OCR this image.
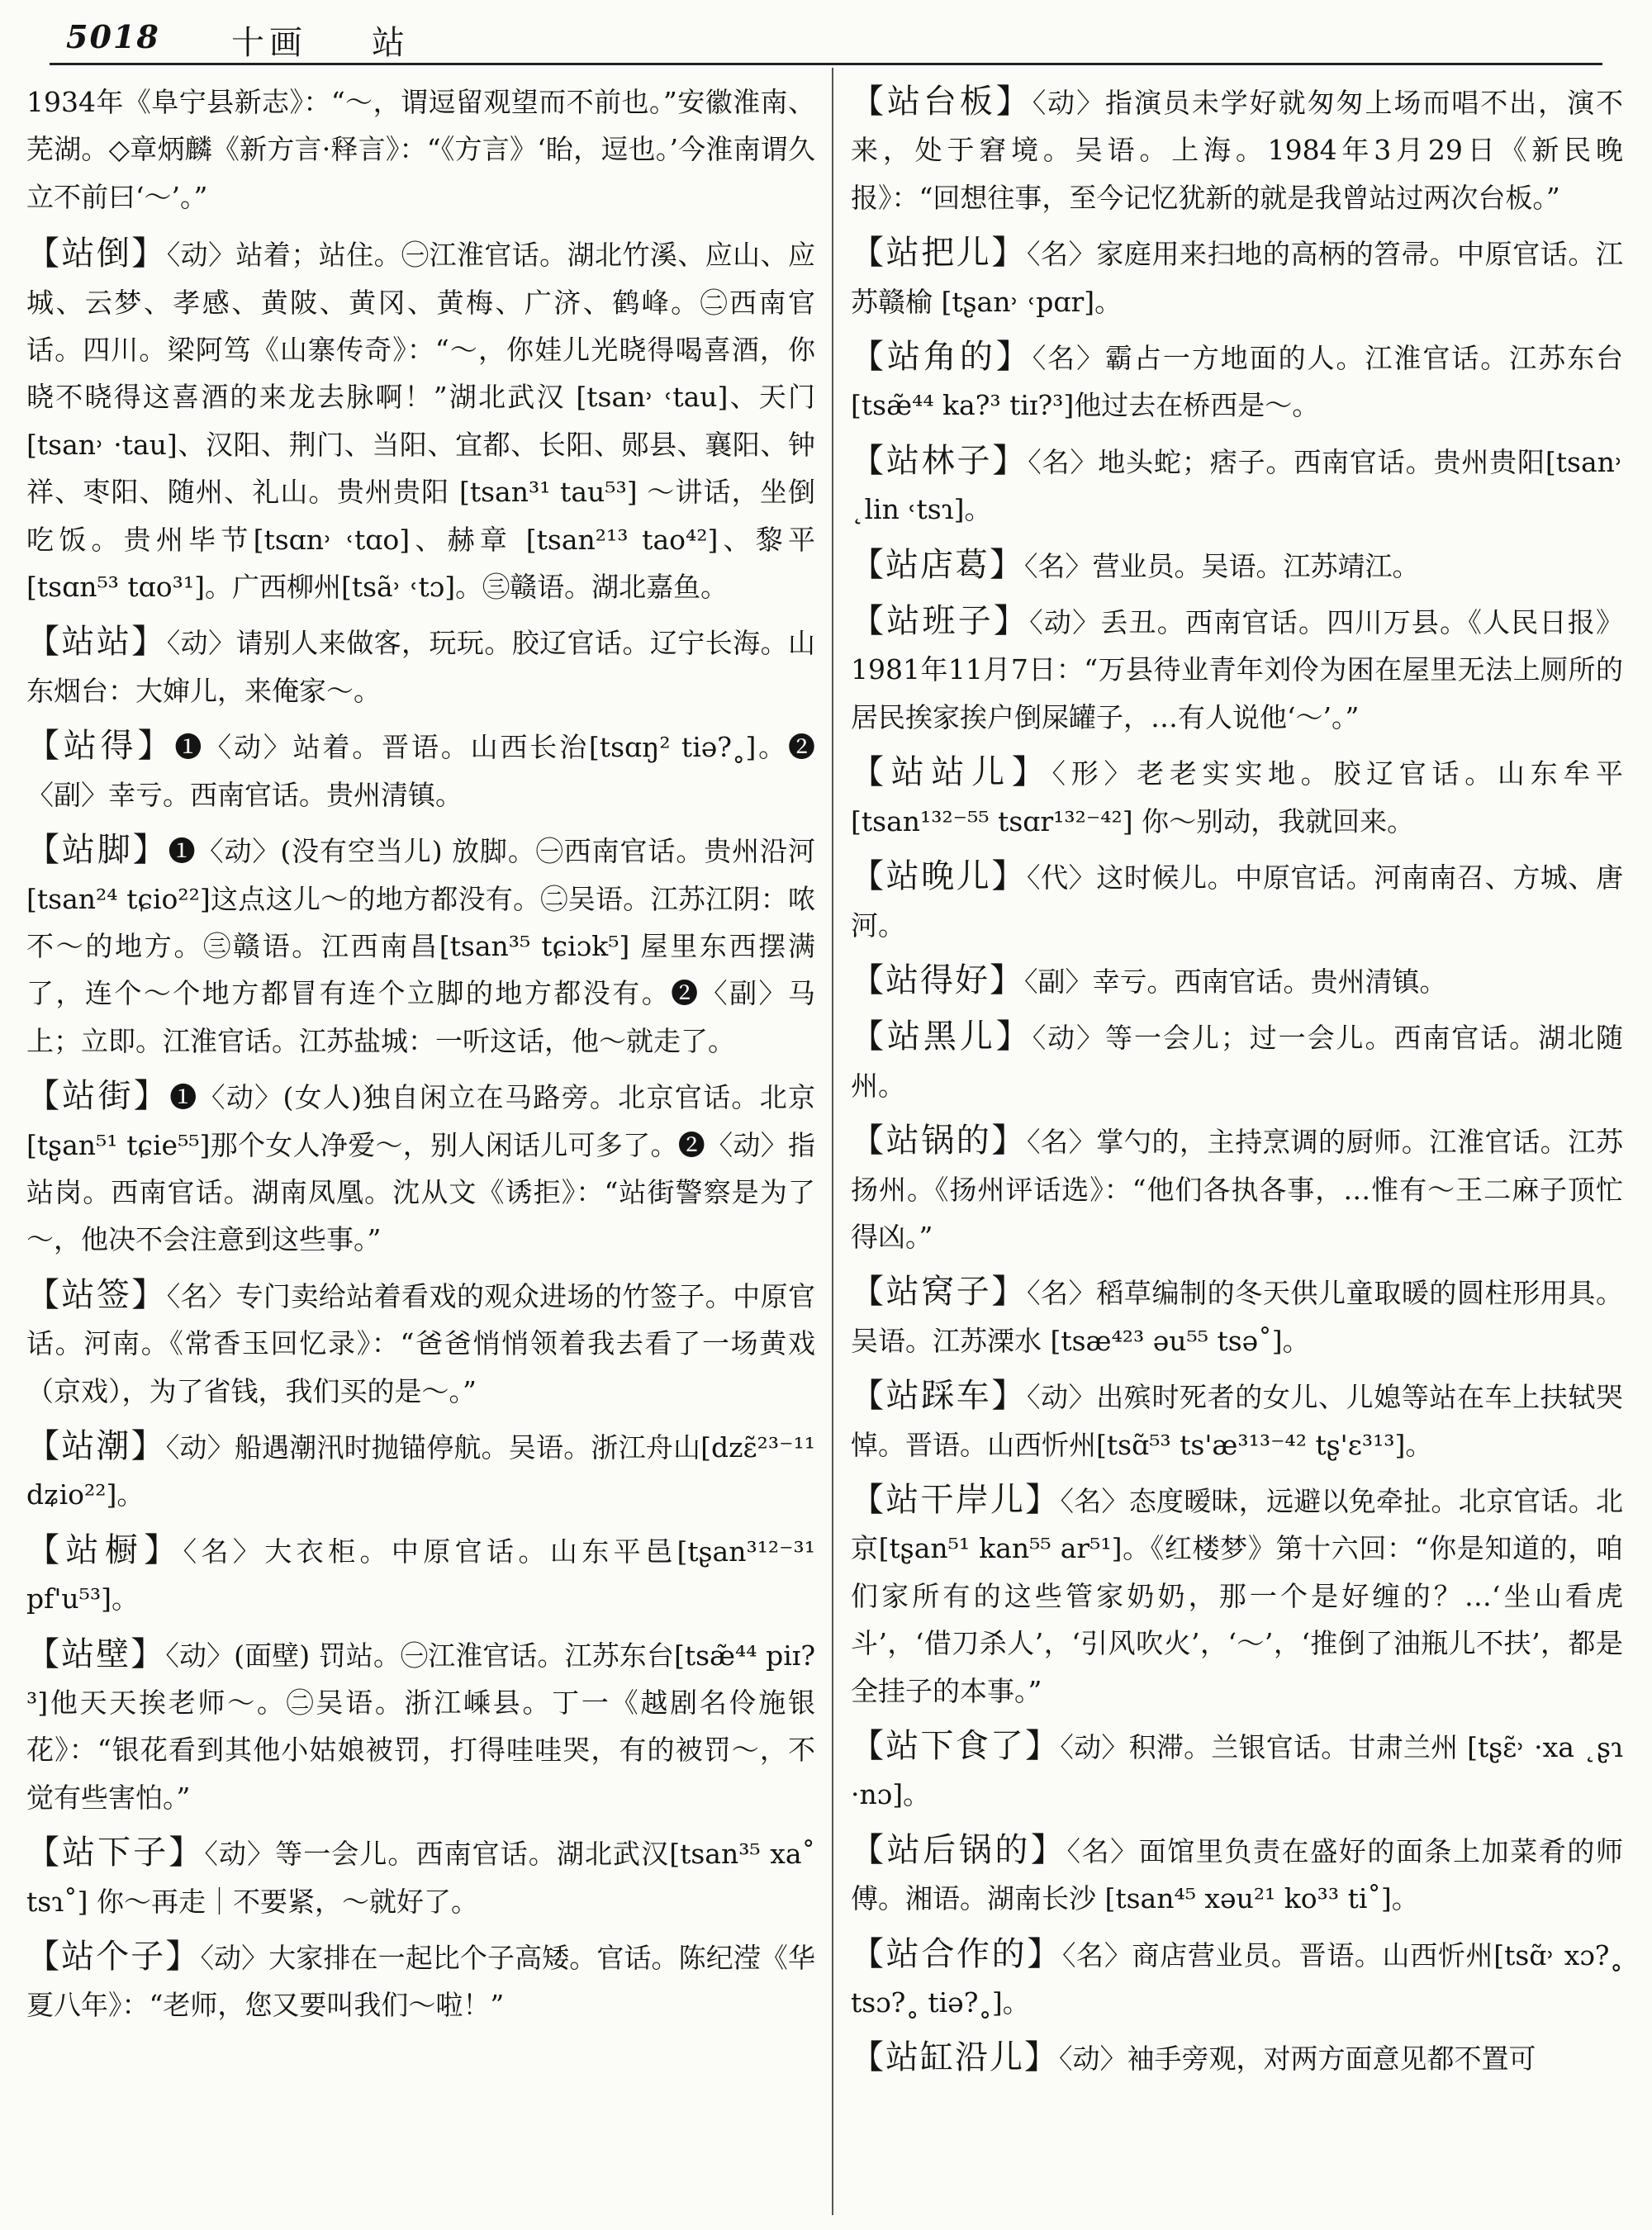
5018 十画 站

1934年《阜宁县新志》：“～，谓逗留观望而不前也。”安徽淮南、芜湖。◇章炳麟《新方言·释言》：“《方言》‘眙，逗也。’今淮南谓久立不前曰‘～’。”

【站倒】〈动〉站着；站住。㊀江淮官话。湖北竹溪、应山、应城、云梦、孝感、黄陂、黄冈、黄梅、广济、鹤峰。㊁西南官话。四川。梁阿笃《山寨传奇》：“～，你娃儿光晓得喝喜酒，你晓不晓得这喜酒的来龙去脉啊！”湖北武汉 [tsan˒ ˓tau]、天门 [tsan˒ ·tau]、汉阳、荆门、当阳、宜都、长阳、郧县、襄阳、钟祥、枣阳、随州、礼山。贵州贵阳 [tsan³¹ tau⁵³] ～讲话，坐倒吃饭。贵州毕节[tsɑn˒ ˓tɑo]、赫章 [tsan²¹³ tao⁴²]、黎平 [tsɑn⁵³ tɑo³¹]。广西柳州[tsã˒ ˓tɔ]。㊂赣语。湖北嘉鱼。

【站站】〈动〉请别人来做客，玩玩。胶辽官话。辽宁长海。山东烟台：大婶儿，来俺家～。

【站得】❶〈动〉站着。晋语。山西长治[tsɑŋ² tiə?˳]。❷〈副〉幸亏。西南官话。贵州清镇。

【站脚】❶〈动〉(没有空当儿) 放脚。㊀西南官话。贵州沿河[tsan²⁴ tɕio²²]这点这儿～的地方都没有。㊁吴语。江苏江阴：哝不～的地方。㊂赣语。江西南昌[tsan³⁵ tɕiɔk⁵] 屋里东西摆满了，连个～个地方都冒有连个立脚的地方都没有。❷〈副〉马上；立即。江淮官话。江苏盐城：一听这话，他～就走了。

【站街】❶〈动〉(女人)独自闲立在马路旁。北京官话。北京[tʂan⁵¹ tɕie⁵⁵]那个女人净爱～，别人闲话儿可多了。❷〈动〉指站岗。西南官话。湖南凤凰。沈从文《诱拒》：“站街警察是为了～，他决不会注意到这些事。”

【站签】〈名〉专门卖给站着看戏的观众进场的竹签子。中原官话。河南。《常香玉回忆录》：“爸爸悄悄领着我去看了一场黄戏（京戏），为了省钱，我们买的是～。”

【站潮】〈动〉船遇潮汛时抛锚停航。吴语。浙江舟山[dzɛ̃²³⁻¹¹ dʑio²²]。

【站橱】〈名〉大衣柜。中原官话。山东平邑[tʂan³¹²⁻³¹ pf'u⁵³]。

【站壁】〈动〉(面壁) 罚站。㊀江淮官话。江苏东台[tsæ̃⁴⁴ piɪ?³]他天天挨老师～。㊁吴语。浙江嵊县。丁一《越剧名伶施银花》：“银花看到其他小姑娘被罚，打得哇哇哭，有的被罚～，不觉有些害怕。”

【站下子】〈动〉等一会儿。西南官话。湖北武汉[tsan³⁵ xa˚ tsɿ˚] 你～再走｜不要紧，～就好了。

【站个子】〈动〉大家排在一起比个子高矮。官话。陈纪滢《华夏八年》：“老师，您又要叫我们～啦！”

【站台板】〈动〉指演员未学好就匆匆上场而唱不出，演不来，处于窘境。吴语。上海。1984年3月29日《新民晚报》：“回想往事，至今记忆犹新的就是我曾站过两次台板。”

【站把儿】〈名〉家庭用来扫地的高柄的笤帚。中原官话。江苏赣榆 [tʂan˒ ˓pɑr]。

【站角的】〈名〉霸占一方地面的人。江淮官话。江苏东台[tsæ̃⁴⁴ ka?³ tiɪ?³]他过去在桥西是～。

【站林子】〈名〉地头蛇；痞子。西南官话。贵州贵阳[tsan˒ ˛lin ˓tsɿ]。

【站店葛】〈名〉营业员。吴语。江苏靖江。

【站班子】〈动〉丢丑。西南官话。四川万县。《人民日报》1981年11月7日：“万县待业青年刘伶为困在屋里无法上厕所的居民挨家挨户倒屎罐子，…有人说他‘～’。”

【站站儿】〈形〉老老实实地。胶辽官话。山东牟平[tsan¹³²⁻⁵⁵ tsɑr¹³²⁻⁴²] 你～别动，我就回来。

【站晚儿】〈代〉这时候儿。中原官话。河南南召、方城、唐河。

【站得好】〈副〉幸亏。西南官话。贵州清镇。

【站黑儿】〈动〉等一会儿；过一会儿。西南官话。湖北随州。

【站锅的】〈名〉掌勺的，主持烹调的厨师。江淮官话。江苏扬州。《扬州评话选》：“他们各执各事，…惟有～王二麻子顶忙得凶。”

【站窝子】〈名〉稻草编制的冬天供儿童取暖的圆柱形用具。吴语。江苏溧水 [tsæ⁴²³ əu⁵⁵ tsə˚]。

【站踩车】〈动〉出殡时死者的女儿、儿媳等站在车上扶轼哭悼。晋语。山西忻州[tsɑ̃⁵³ ts'æ³¹³⁻⁴² tʂ'ɛ³¹³]。

【站干岸儿】〈名〉态度暧昧，远避以免牵扯。北京官话。北京[tʂan⁵¹ kan⁵⁵ ar⁵¹]。《红楼梦》第十六回：“你是知道的，咱们家所有的这些管家奶奶，那一个是好缠的？…‘坐山看虎斗’，‘借刀杀人’，‘引风吹火’，‘～’，‘推倒了油瓶儿不扶’，都是全挂子的本事。”

【站下食了】〈动〉积滞。兰银官话。甘肃兰州 [tʂɛ̃˒ ·xa ˛ʂɿ ·nɔ]。

【站后锅的】〈名〉面馆里负责在盛好的面条上加菜肴的师傅。湘语。湖南长沙 [tsan⁴⁵ xəu²¹ ko³³ ti˚]。

【站合作的】〈名〉商店营业员。晋语。山西忻州[tsɑ̃˒ xɔ?˳ tsɔ?˳ tiə?˳]。

【站缸沿儿】〈动〉袖手旁观，对两方面意见都不置可
